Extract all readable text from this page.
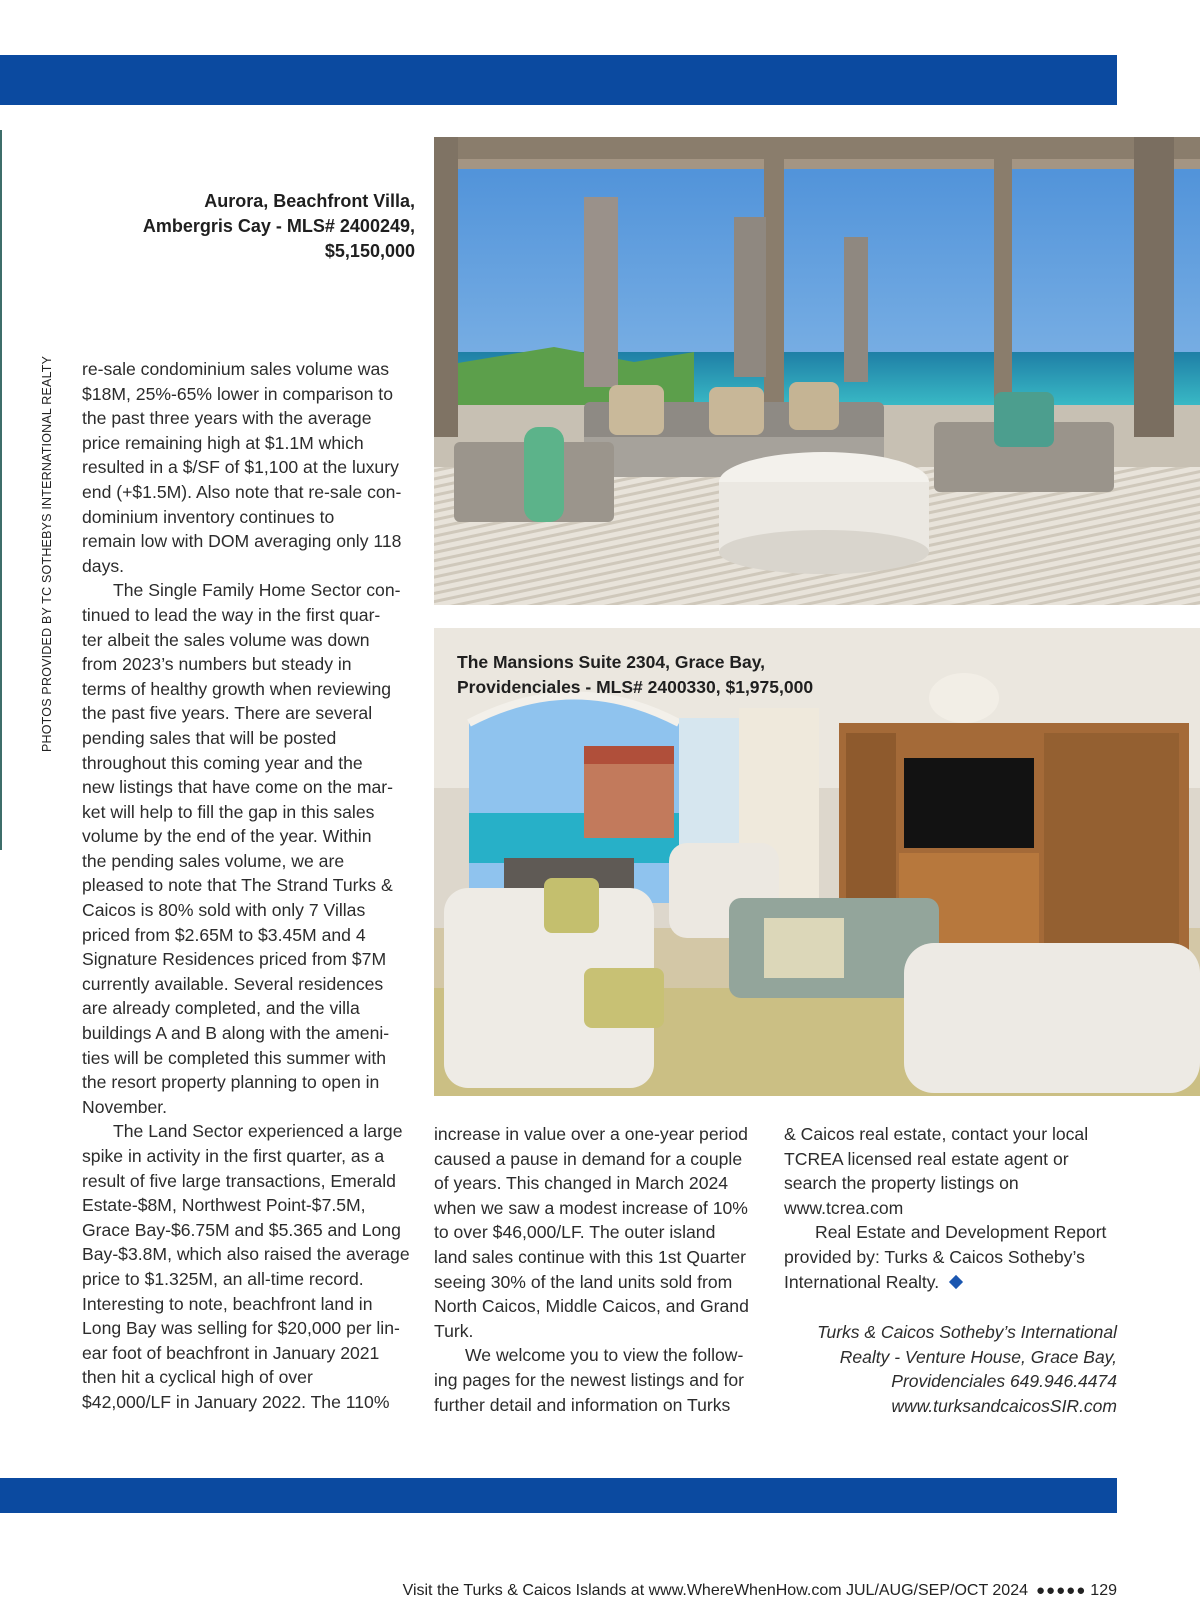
PHOTOS PROVIDED BY TC SOTHEBYS INTERNATIONAL REALTY
Aurora, Beachfront Villa,
Ambergris Cay - MLS# 2400249,
$5,150,000
The Mansions Suite 2304, Grace Bay,
Providenciales - MLS# 2400330, $1,975,000

re-sale condominium sales volume was
$18M, 25%-65% lower in comparison to
the past three years with the average
price remaining high at $1.1M which
resulted in a $/SF of $1,100 at the luxury
end (+$1.5M). Also note that re-sale con-
dominium inventory continues to
remain low with DOM averaging only 118
days.

The Single Family Home Sector con-
tinued to lead the way in the first quar-
ter albeit the sales volume was down
from 2023’s numbers but steady in
terms of healthy growth when reviewing
the past five years. There are several
pending sales that will be posted
throughout this coming year and the
new listings that have come on the mar-
ket will help to fill the gap in this sales
volume by the end of the year. Within
the pending sales volume, we are
pleased to note that The Strand Turks &
Caicos is 80% sold with only 7 Villas
priced from $2.65M to $3.45M and 4
Signature Residences priced from $7M
currently available. Several residences
are already completed, and the villa
buildings A and B along with the ameni-
ties will be completed this summer with
the resort property planning to open in
November.

The Land Sector experienced a large
spike in activity in the first quarter, as a
result of five large transactions, Emerald
Estate-$8M, Northwest Point-$7.5M,
Grace Bay-$6.75M and $5.365 and Long
Bay-$3.8M, which also raised the average
price to $1.325M, an all-time record.
Interesting to note, beachfront land in
Long Bay was selling for $20,000 per lin-
ear foot of beachfront in January 2021
then hit a cyclical high of over
$42,000/LF in January 2022. The 110%

increase in value over a one-year period
caused a pause in demand for a couple
of years. This changed in March 2024
when we saw a modest increase of 10%
to over $46,000/LF. The outer island
land sales continue with this 1st Quarter
seeing 30% of the land units sold from
North Caicos, Middle Caicos, and Grand
Turk.

We welcome you to view the follow-
ing pages for the newest listings and for
further detail and information on Turks

& Caicos real estate, contact your local
TCREA licensed real estate agent or
search the property listings on
www.tcrea.com

Real Estate and Development Report
provided by: Turks & Caicos Sotheby’s
International Realty.

Turks & Caicos Sotheby’s International
Realty - Venture House, Grace Bay,
Providenciales 649.946.4474
www.turksandcaicosSIR.com
Visit the Turks & Caicos Islands at www.WhereWhenHow.com JUL/AUG/SEP/OCT 2024 ●●●●● 129
